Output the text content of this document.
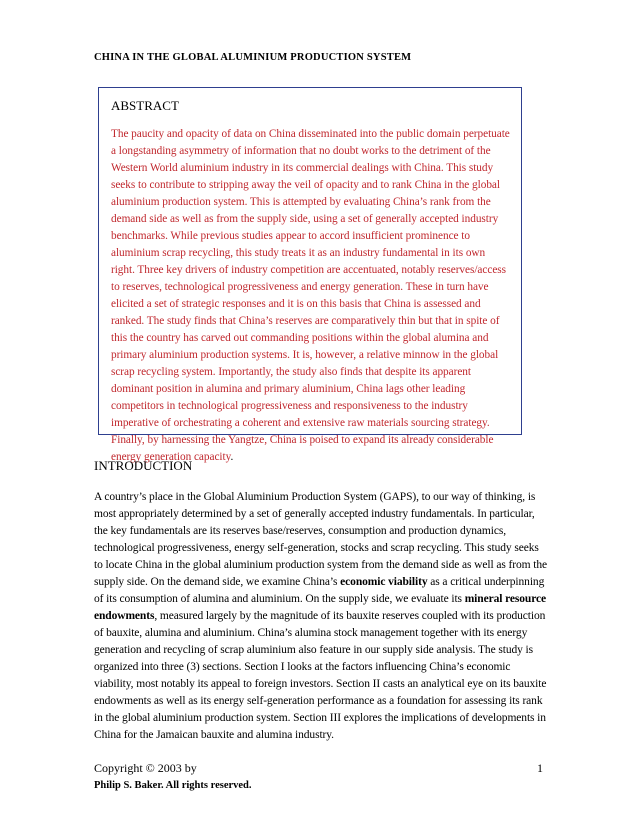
CHINA IN THE GLOBAL ALUMINIUM PRODUCTION SYSTEM
ABSTRACT
The paucity and opacity of data on China disseminated into the public domain perpetuate a longstanding asymmetry of information that no doubt works to the detriment of the Western World aluminium industry in its commercial dealings with China. This study seeks to contribute to stripping away the veil of opacity and to rank China in the global aluminium production system. This is attempted by evaluating China’s rank from the demand side as well as from the supply side, using a set of generally accepted industry benchmarks. While previous studies appear to accord insufficient prominence to aluminium scrap recycling, this study treats it as an industry fundamental in its own right. Three key drivers of industry competition are accentuated, notably reserves/access to reserves, technological progressiveness and energy generation. These in turn have elicited a set of strategic responses and it is on this basis that China is assessed and ranked. The study finds that China’s reserves are comparatively thin but that in spite of this the country has carved out commanding positions within the global alumina and primary aluminium production systems. It is, however, a relative minnow in the global scrap recycling system. Importantly, the study also finds that despite its apparent dominant position in alumina and primary aluminium, China lags other leading competitors in technological progressiveness and responsiveness to the industry imperative of orchestrating a coherent and extensive raw materials sourcing strategy. Finally, by harnessing the Yangtze, China is poised to expand its already considerable energy generation capacity.
INTRODUCTION
A country’s place in the Global Aluminium Production System (GAPS), to our way of thinking, is most appropriately determined by a set of generally accepted industry fundamentals. In particular, the key fundamentals are its reserves base/reserves, consumption and production dynamics, technological progressiveness, energy self-generation, stocks and scrap recycling. This study seeks to locate China in the global aluminium production system from the demand side as well as from the supply side. On the demand side, we examine China’s economic viability as a critical underpinning of its consumption of alumina and aluminium. On the supply side, we evaluate its mineral resource endowments, measured largely by the magnitude of its bauxite reserves coupled with its production of bauxite, alumina and aluminium. China’s alumina stock management together with its energy generation and recycling of scrap aluminium also feature in our supply side analysis. The study is organized into three (3) sections. Section I looks at the factors influencing China’s economic viability, most notably its appeal to foreign investors. Section II casts an analytical eye on its bauxite endowments as well as its energy self-generation performance as a foundation for assessing its rank in the global aluminium production system. Section III explores the implications of developments in China for the Jamaican bauxite and alumina industry.
Copyright © 2003 by
Philip S. Baker. All rights reserved.
1
